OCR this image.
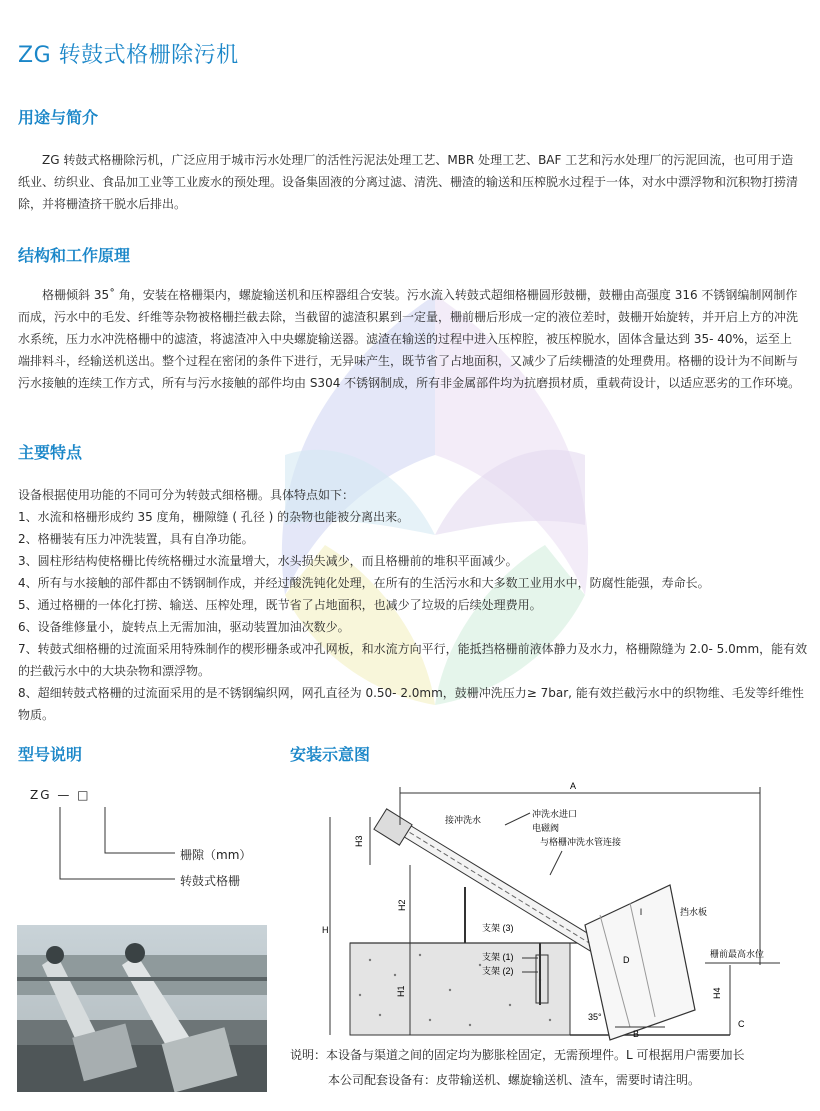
ZG 转鼓式格栅除污机
用途与简介

ZG 转鼓式格栅除污机，广泛应用于城市污水处理厂的活性污泥法处理工艺、MBR 处理工艺、BAF 工艺和污水处理厂的污泥回流，也可用于造纸业、纺织业、食品加工业等工业废水的预处理。设备集固液的分离过滤、清洗、栅渣的输送和压榨脱水过程于一体，对水中漂浮物和沉积物打捞清除，并将栅渣挤干脱水后排出。

结构和工作原理

格栅倾斜 35˚ 角，安装在格栅渠内，螺旋输送机和压榨器组合安装。污水流入转鼓式超细格栅圆形鼓栅，鼓栅由高强度 316 不锈钢编制网制作而成，污水中的毛发、纤维等杂物被格栅拦截去除，当截留的滤渣积累到一定量，栅前栅后形成一定的液位差时，鼓栅开始旋转，并开启上方的冲洗水系统，压力水冲洗格栅中的滤渣，将滤渣冲入中央螺旋输送器。滤渣在输送的过程中进入压榨腔，被压榨脱水，固体含量达到 35- 40%，运至上端排料斗，经输送机送出。整个过程在密闭的条件下进行，无异味产生，既节省了占地面积，又减少了后续栅渣的处理费用。格栅的设计为不间断与污水接触的连续工作方式，所有与污水接触的部件均由 S304 不锈钢制成，所有非金属部件均为抗磨损材质，重载荷设计，以适应恶劣的工作环境。

主要特点
设备根据使用功能的不同可分为转鼓式细格栅。具体特点如下：
1、水流和格栅形成约 35 度角，栅隙缝 ( 孔径 ) 的杂物也能被分离出来。
2、格栅装有压力冲洗装置，具有自净功能。
3、圆柱形结构使格栅比传统格栅过水流量增大，水头损失减少，而且格栅前的堆积平面减少。
4、所有与水接触的部件都由不锈钢制作成，并经过酸洗钝化处理，在所有的生活污水和大多数工业用水中，防腐性能强，寿命长。
5、通过格栅的一体化打捞、输送、压榨处理，既节省了占地面积，也减少了垃圾的后续处理费用。
6、设备维修量小，旋转点上无需加油，驱动装置加油次数少。
7、转鼓式细格栅的过流面采用特殊制作的楔形栅条或冲孔网板，和水流方向平行，能抵挡格栅前液体静力及水力，格栅隙缝为 2.0- 5.0mm，能有效的拦截污水中的大块杂物和漂浮物。
8、超细转鼓式格栅的过流面采用的是不锈钢编织网，网孔直径为 0.50- 2.0mm，鼓栅冲洗压力≥ 7bar, 能有效拦截污水中的织物维、毛发等纤维性物质。
型号说明
ZG — □
栅隙（mm）
转鼓式格栅
安装示意图
A
H3
H2
H
H1	H4
C
B
D
l
35°
栅前最高水位
接冲洗水
冲洗水进口
电磁阀
与格栅冲洗水管连接
挡水板
支架 (3)
支架 (1)
支架 (2)
说明：本设备与渠道之间的固定均为膨胀栓固定，无需预埋件。L 可根据用户需要加长
本公司配套设备有：皮带输送机、螺旋输送机、渣车，需要时请注明。
